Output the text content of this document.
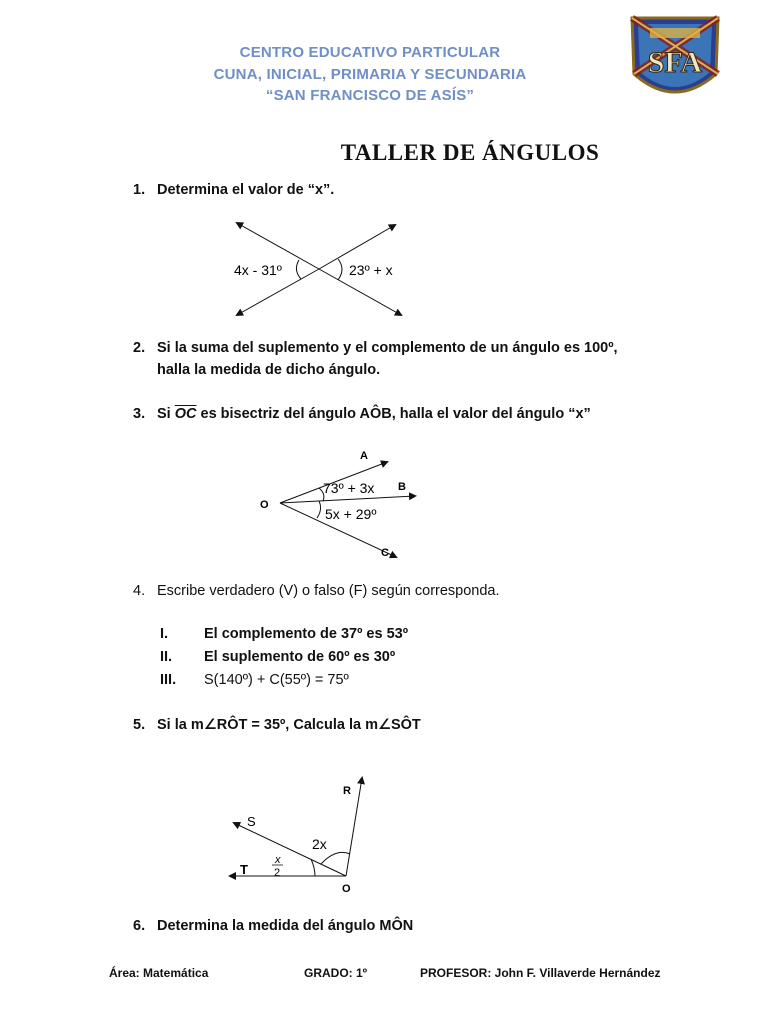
CENTRO EDUCATIVO PARTICULAR
CUNA, INICIAL, PRIMARIA Y SECUNDARIA
“SAN FRANCISCO DE ASÍS”
SFA
TALLER DE ÁNGULOS
1. Determina el valor de “x”.
4x - 31º	23º + x
2. Si la suma del suplemento y el complemento de un ángulo es 100º,
halla la medida de dicho ángulo.
3. Si $\overline{OC}$ es bisectriz del ángulo AÔB, halla el valor del ángulo “x”
A
B
C
O
73º + 3x
5x + 29º
4. Escribe verdadero (V) o falso (F) según corresponda.
I. El complemento de 37º es 53º
II. El suplemento de 60º es 30º
III. S(140º) + C(55º) = 75º
5. Si la m∠RÔT = 35º, Calcula la m∠SÔT
R
S
T
O
2x
x
2
6. Determina la medida del ángulo MÔN
Área: Matemática	GRADO: 1º	PROFESOR: John F. Villaverde Hernández
